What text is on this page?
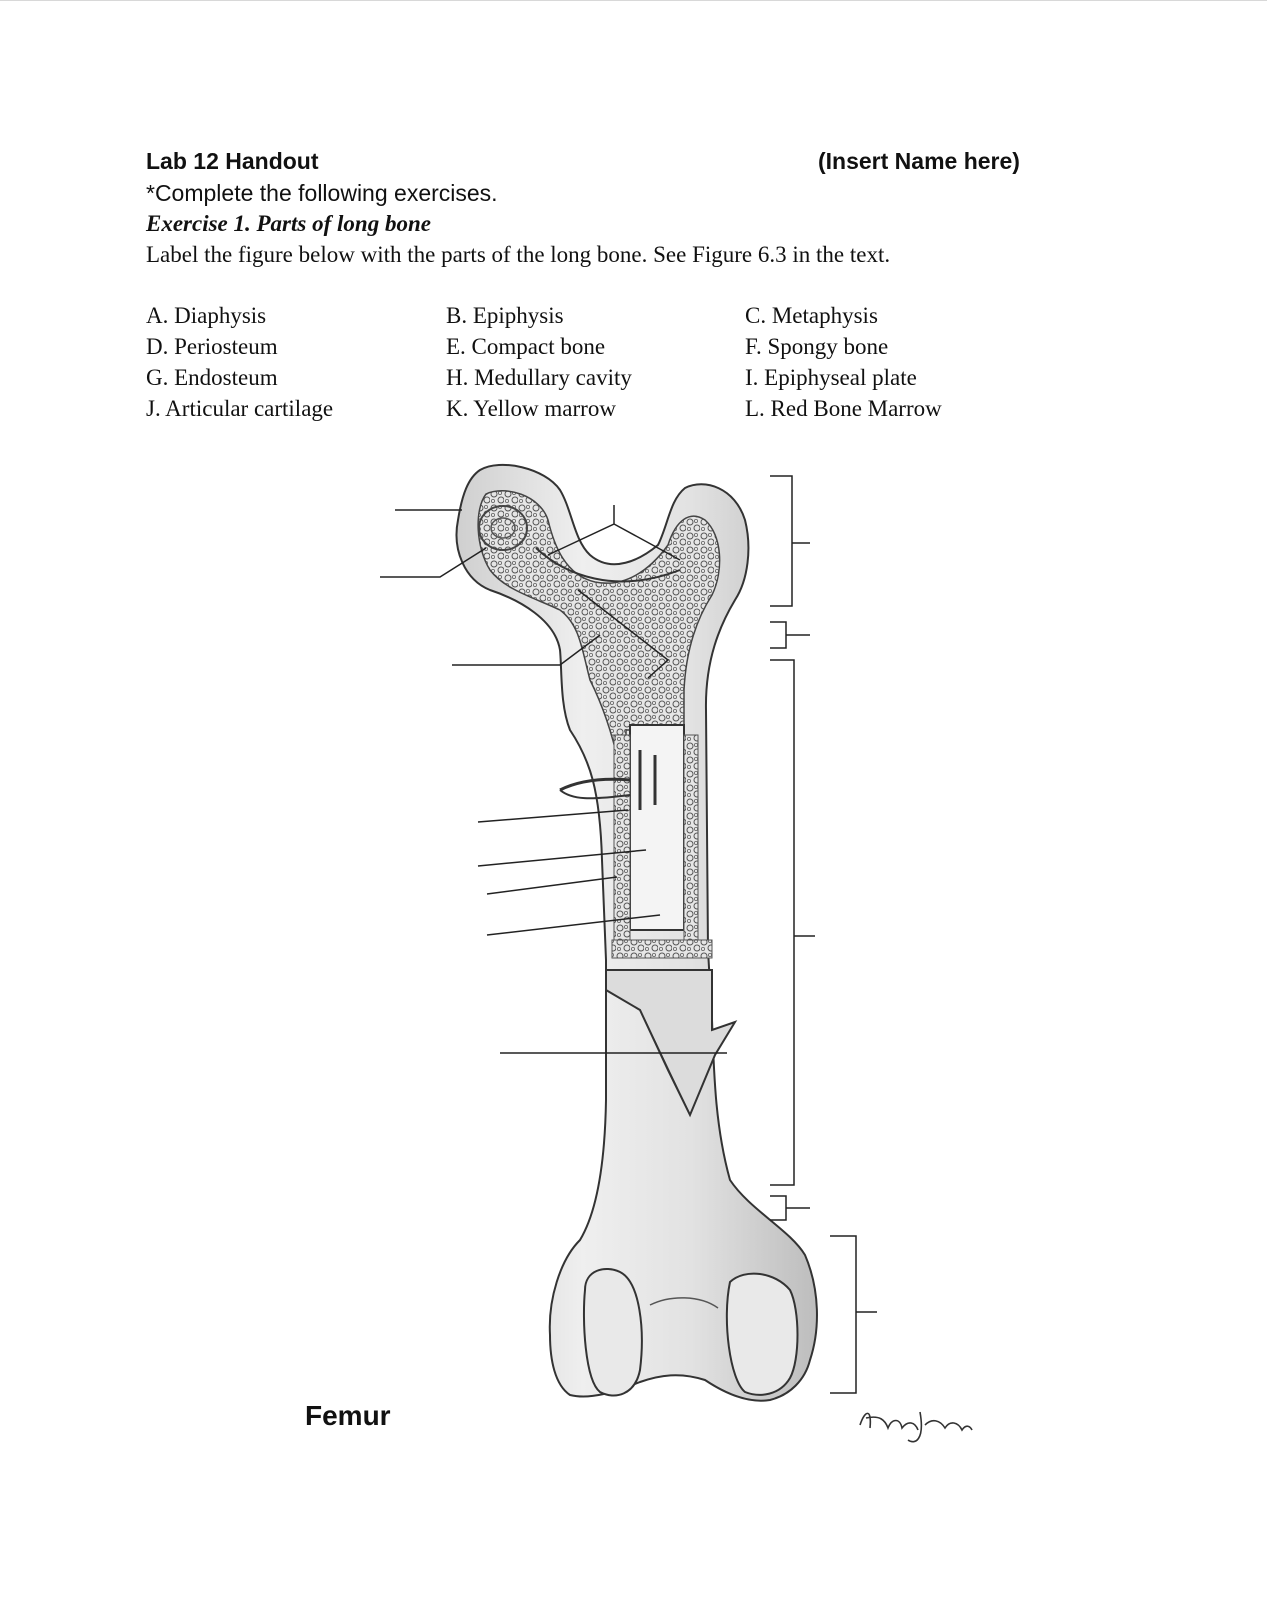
Lab 12 Handout	(Insert Name here)
*Complete the following exercises.
Exercise 1. Parts of long bone
Label the figure below with the parts of the long bone. See Figure 6.3 in the text.
A. Diaphysis	B. Epiphysis	C. Metaphysis
D. Periosteum	E. Compact bone	F. Spongy bone
G. Endosteum	H. Medullary cavity	I. Epiphyseal plate
J. Articular cartilage	K. Yellow marrow	L. Red Bone Marrow
Femur
